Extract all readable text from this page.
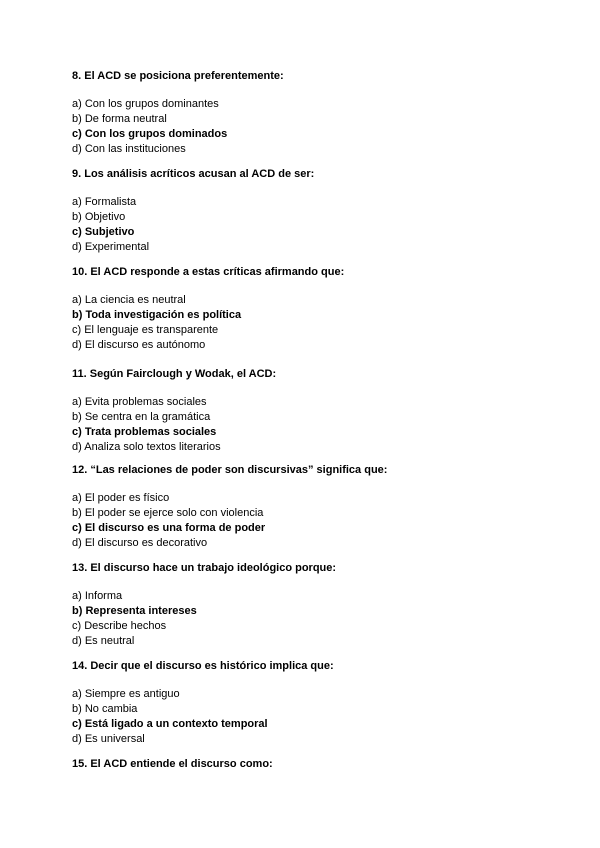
8. El ACD se posiciona preferentemente:
a) Con los grupos dominantes
b) De forma neutral
c) Con los grupos dominados
d) Con las instituciones
9. Los análisis acríticos acusan al ACD de ser:
a) Formalista
b) Objetivo
c) Subjetivo
d) Experimental
10. El ACD responde a estas críticas afirmando que:
a) La ciencia es neutral
b) Toda investigación es política
c) El lenguaje es transparente
d) El discurso es autónomo
11. Según Fairclough y Wodak, el ACD:
a) Evita problemas sociales
b) Se centra en la gramática
c) Trata problemas sociales
d) Analiza solo textos literarios
12. “Las relaciones de poder son discursivas” significa que:
a) El poder es físico
b) El poder se ejerce solo con violencia
c) El discurso es una forma de poder
d) El discurso es decorativo
13. El discurso hace un trabajo ideológico porque:
a) Informa
b) Representa intereses
c) Describe hechos
d) Es neutral
14. Decir que el discurso es histórico implica que:
a) Siempre es antiguo
b) No cambia
c) Está ligado a un contexto temporal
d) Es universal
15. El ACD entiende el discurso como:
